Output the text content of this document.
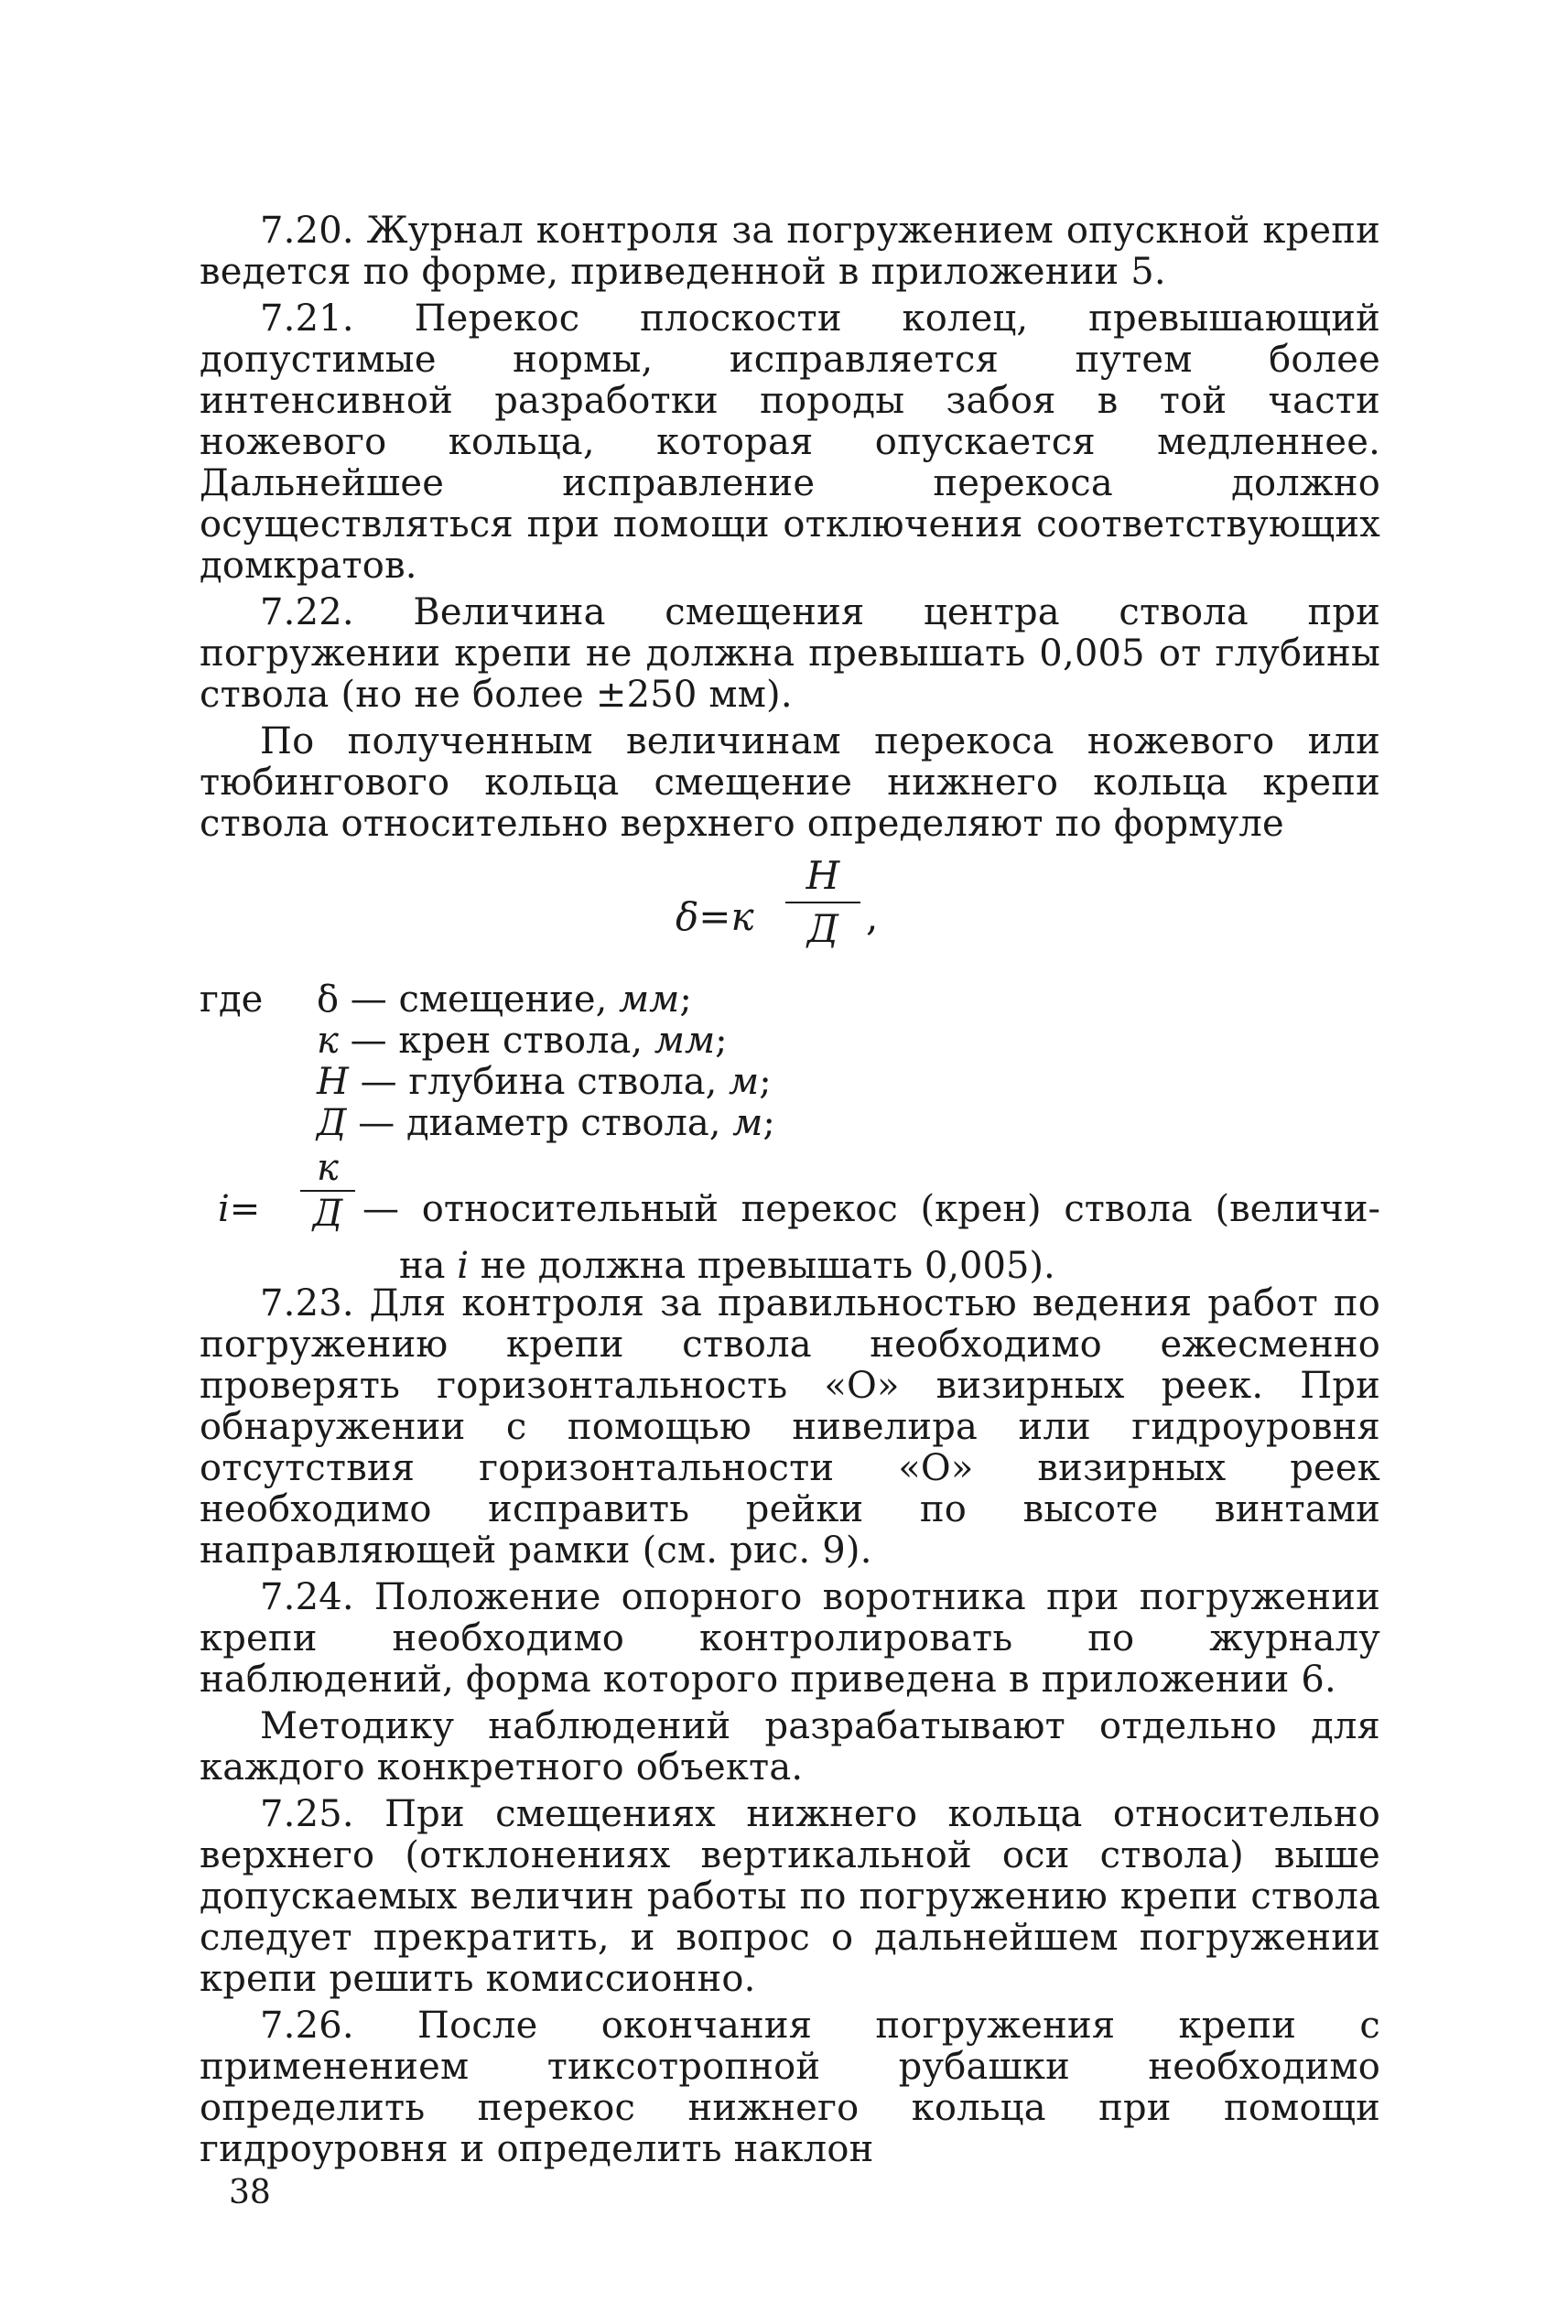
7.20. Журнал контроля за погружением опускной крепи ведется по форме, приведенной в приложении 5.

7.21. Перекос плоскости колец, превышающий допустимые нормы, исправляется путем более интенсивной разработки породы забоя в той части ножевого кольца, которая опускается медленнее. Дальнейшее исправление перекоса должно осуществляться при помощи отключения соответствующих домкратов.

7.22. Величина смещения центра ствола при погружении крепи не должна превышать 0,005 от глубины ствола (но не более ±250 мм).

По полученным величинам перекоса ножевого или тюбингового кольца смещение нижнего кольца крепи ствола относительно верхнего определяют по формуле

δ=к
Н
Д ,
где δ — смещение, мм;
к — крен ствола, мм;
Н — глубина ствола, м;
Д — диаметр ствола, м;
i=
к
Д — относительный перекос (крен) ствола (величи-
на i не должна превышать 0,005).

7.23. Для контроля за правильностью ведения работ по погружению крепи ствола необходимо ежесменно проверять горизонтальность «О» визирных реек. При обнаружении с помощью нивелира или гидроуровня отсутствия горизонтальности «О» визирных реек необходимо исправить рейки по высоте винтами направляющей рамки (см. рис. 9).

7.24. Положение опорного воротника при погружении крепи необходимо контролировать по журналу наблюдений, форма которого приведена в приложении 6.

Методику наблюдений разрабатывают отдельно для каждого конкретного объекта.

7.25. При смещениях нижнего кольца относительно верхнего (отклонениях вертикальной оси ствола) выше допускаемых величин работы по погружению крепи ствола следует прекратить, и вопрос о дальнейшем погружении крепи решить комиссионно.

7.26. После окончания погружения крепи с применением тиксотропной рубашки необходимо определить перекос нижнего кольца при помощи гидроуровня и определить наклон

38
